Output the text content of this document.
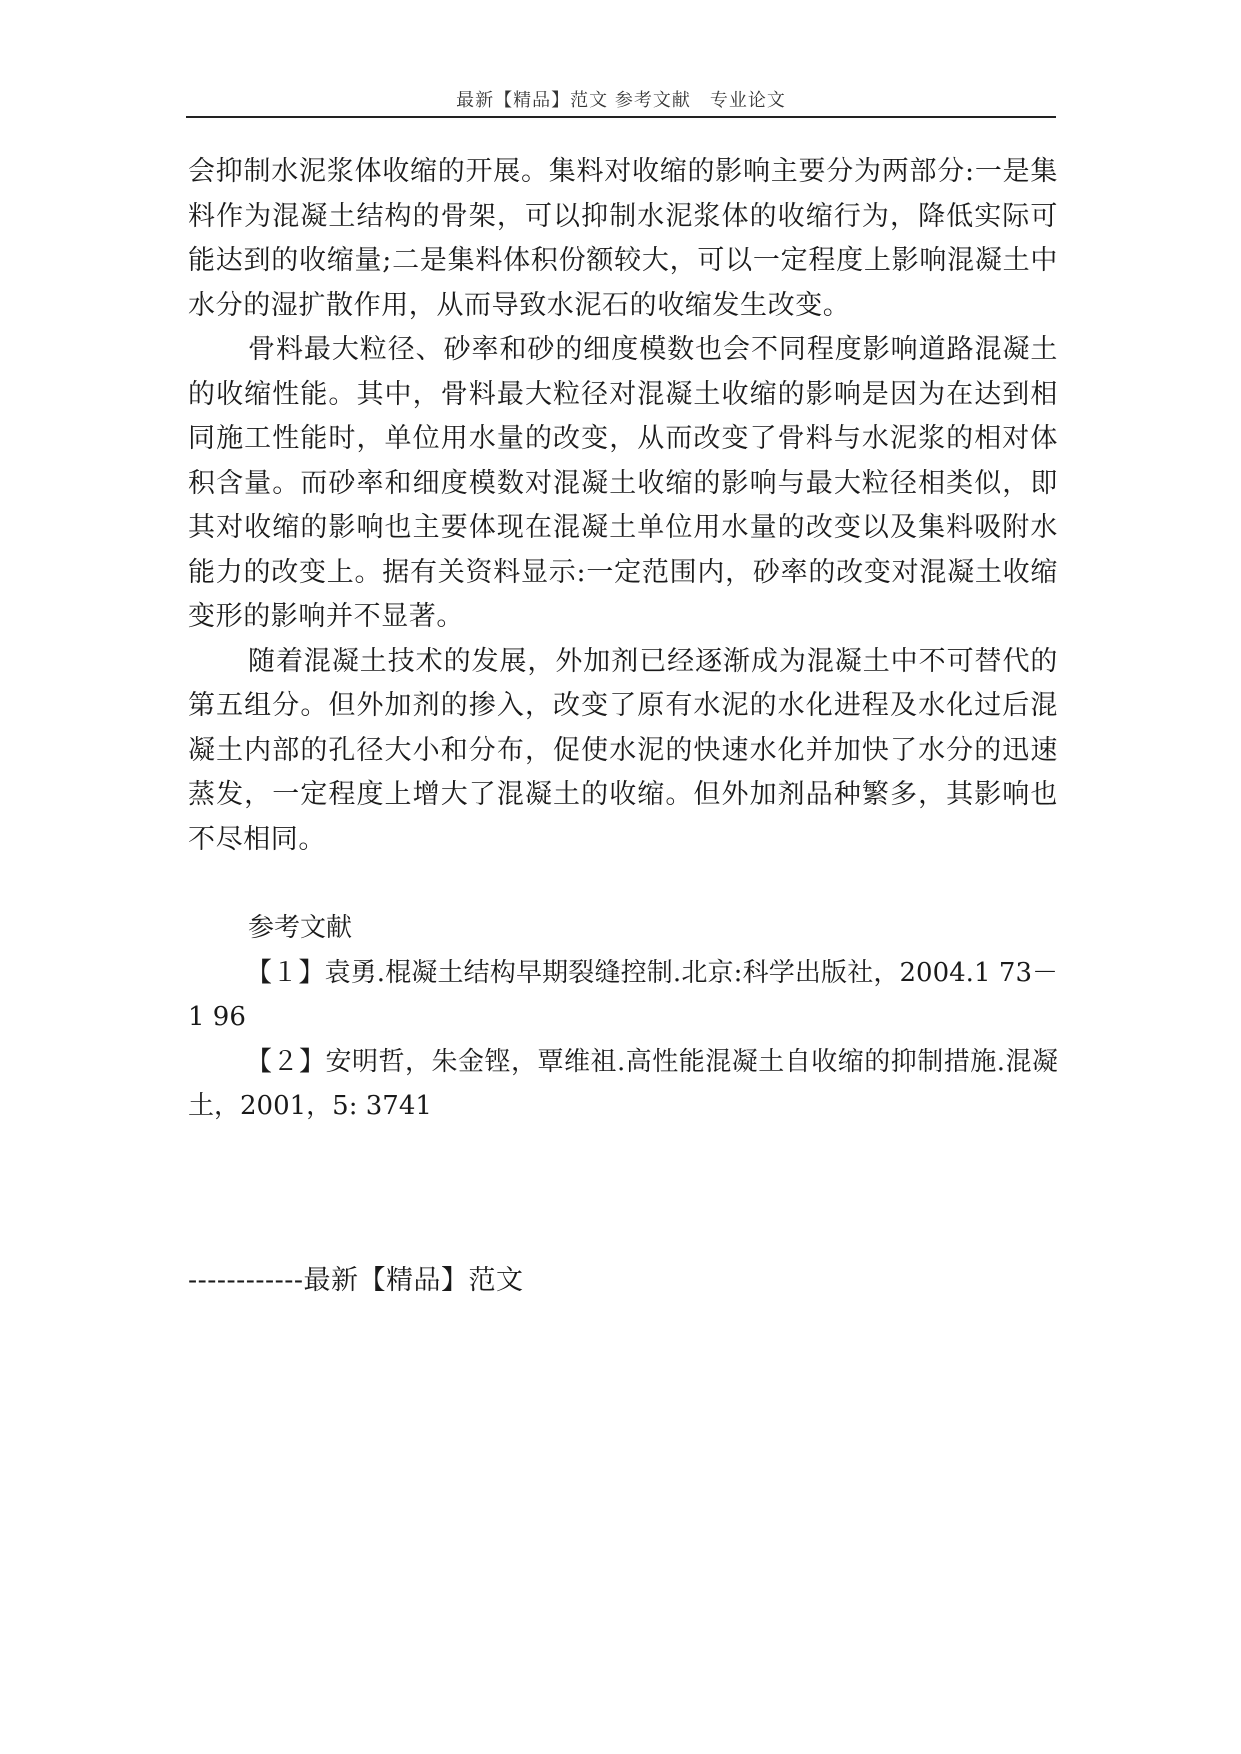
最新【精品】范文 参考文献　专业论文

会抑制水泥浆体收缩的开展。集料对收缩的影响主要分为两部分:一是集料作为混凝土结构的骨架，可以抑制水泥浆体的收缩行为，降低实际可能达到的收缩量;二是集料体积份额较大，可以一定程度上影响混凝土中水分的湿扩散作用，从而导致水泥石的收缩发生改变。

骨料最大粒径、砂率和砂的细度模数也会不同程度影响道路混凝土的收缩性能。其中，骨料最大粒径对混凝土收缩的影响是因为在达到相同施工性能时，单位用水量的改变，从而改变了骨料与水泥浆的相对体积含量。而砂率和细度模数对混凝土收缩的影响与最大粒径相类似，即其对收缩的影响也主要体现在混凝土单位用水量的改变以及集料吸附水能力的改变上。据有关资料显示:一定范围内，砂率的改变对混凝土收缩变形的影响并不显著。

随着混凝土技术的发展，外加剂已经逐渐成为混凝土中不可替代的第五组分。但外加剂的掺入，改变了原有水泥的水化进程及水化过后混凝土内部的孔径大小和分布，促使水泥的快速水化并加快了水分的迅速蒸发，一定程度上增大了混凝土的收缩。但外加剂品种繁多，其影响也不尽相同。

参考文献

【１】袁勇.棍凝土结构早期裂缝控制.北京:科学出版社，2004.1 73－1 96

【２】安明哲，朱金铿，覃维祖.高性能混凝土自收缩的抑制措施.混凝土，2001，5: 3741

------------最新【精品】范文
